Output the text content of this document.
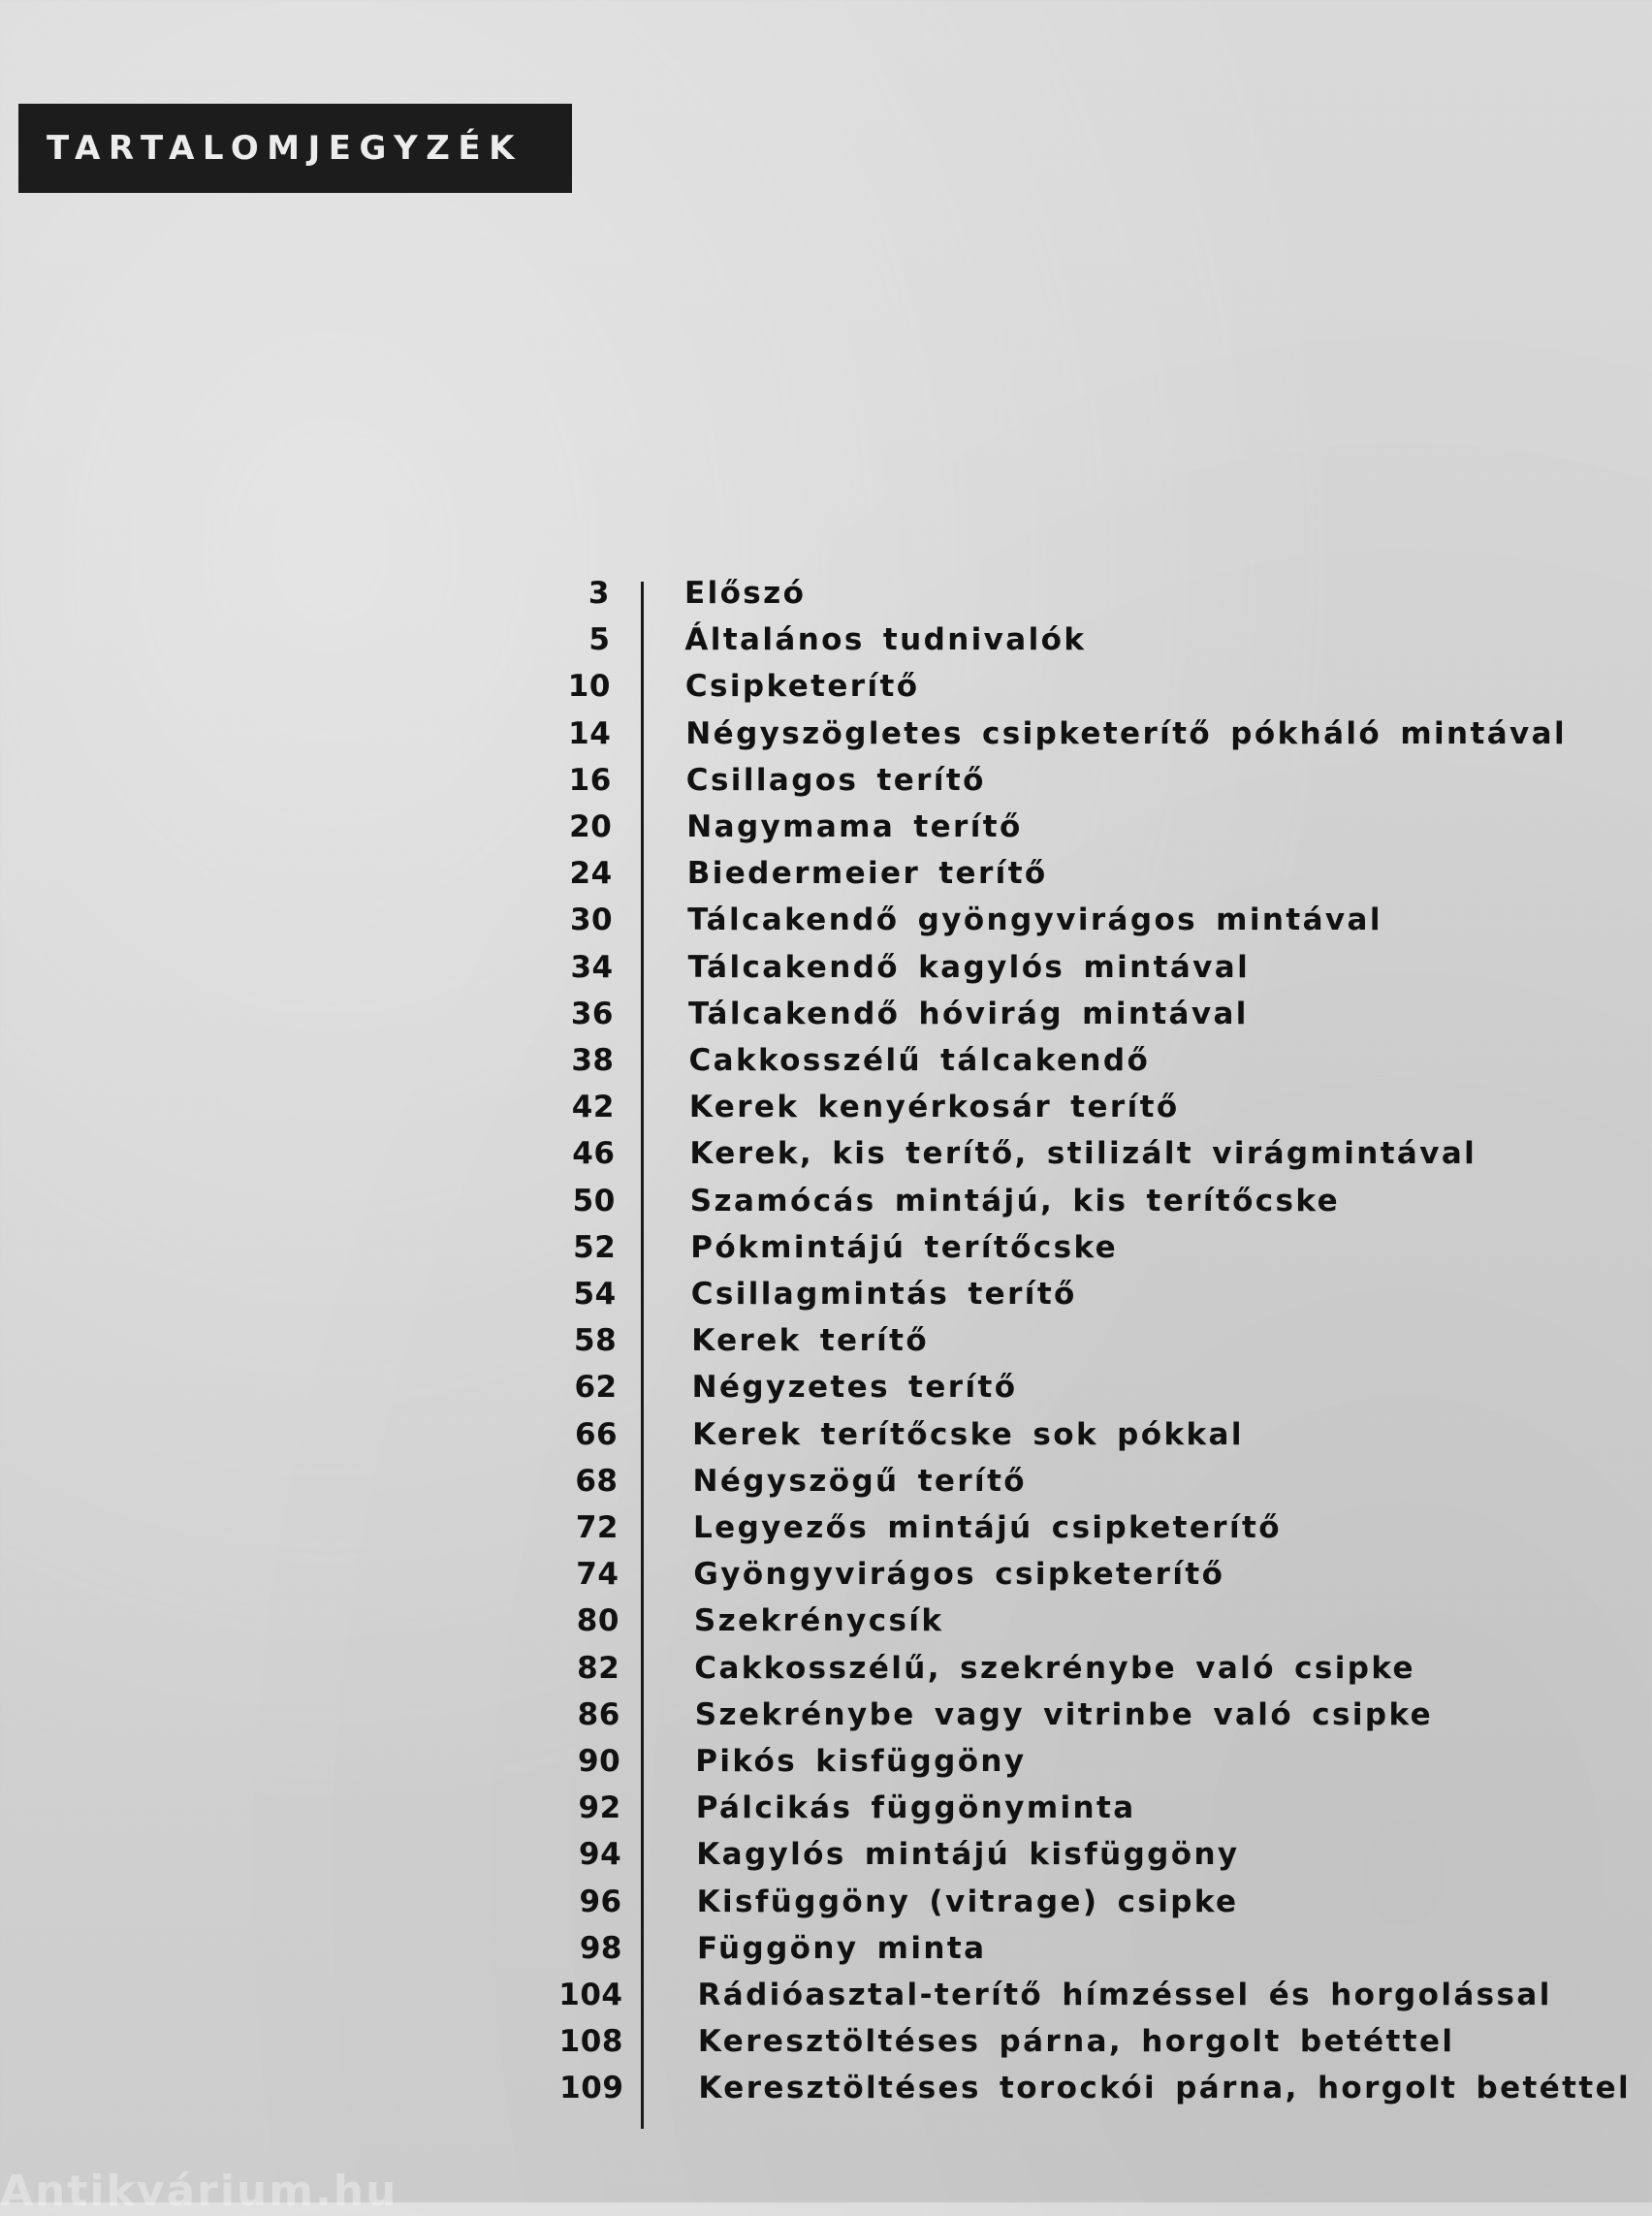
TARTALOMJEGYZÉK
3 Előszó
5 Általános tudnivalók
10 Csipketerítő
14 Négyszögletes csipketerítő pókháló mintával
16 Csillagos terítő
20 Nagymama terítő
24 Biedermeier terítő
30 Tálcakendő gyöngyvirágos mintával
34 Tálcakendő kagylós mintával
36 Tálcakendő hóvirág mintával
38 Cakkosszélű tálcakendő
42 Kerek kenyérkosár terítő
46 Kerek, kis terítő, stilizált virágmintával
50 Szamócás mintájú, kis terítőcske
52 Pókmintájú terítőcske
54 Csillagmintás terítő
58 Kerek terítő
62 Négyzetes terítő
66 Kerek terítőcske sok pókkal
68 Négyszögű terítő
72 Legyezős mintájú csipketerítő
74 Gyöngyvirágos csipketerítő
80 Szekrénycsík
82 Cakkosszélű, szekrénybe való csipke
86 Szekrénybe vagy vitrinbe való csipke
90 Pikós kisfüggöny
92 Pálcikás függönyminta
94 Kagylós mintájú kisfüggöny
96 Kisfüggöny (vitrage) csipke
98 Függöny minta
104 Rádióasztal-terítő hímzéssel és horgolással
108 Keresztöltéses párna, horgolt betéttel
109 Keresztöltéses torockói párna, horgolt betéttel
Antikvárium.hu
